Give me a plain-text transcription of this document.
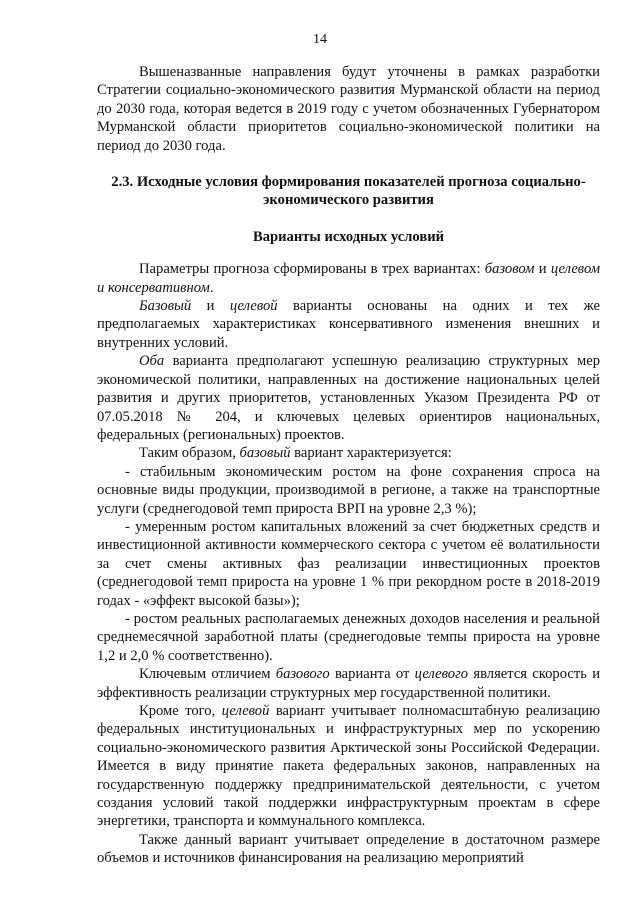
14

Вышеназванные направления будут уточнены в рамках разработки Стратегии социально-экономического развития Мурманской области на период до 2030 года, которая ведется в 2019 году с учетом обозначенных Губернатором Мурманской области приоритетов социально-экономической политики на период до 2030 года.

2.3. Исходные условия формирования показателей прогноза социально-экономического развития
Варианты исходных условий

Параметры прогноза сформированы в трех вариантах: базовом и целевом и консервативном.

Базовый и целевой варианты основаны на одних и тех же предполагаемых характеристиках консервативного изменения внешних и внутренних условий.

Оба варианта предполагают успешную реализацию структурных мер экономической политики, направленных на достижение национальных целей развития и других приоритетов, установленных Указом Президента РФ от 07.05.2018 № 204, и ключевых целевых ориентиров национальных, федеральных (региональных) проектов.

Таким образом, базовый вариант характеризуется:

- стабильным экономическим ростом на фоне сохранения спроса на основные виды продукции, производимой в регионе, а также на транспортные услуги (среднегодовой темп прироста ВРП на уровне 2,3 %);

- умеренным ростом капитальных вложений за счет бюджетных средств и инвестиционной активности коммерческого сектора с учетом её волатильности за счет смены активных фаз реализации инвестиционных проектов (среднегодовой темп прироста на уровне 1 % при рекордном росте в 2018-2019 годах - «эффект высокой базы»);

- ростом реальных располагаемых денежных доходов населения и реальной среднемесячной заработной платы (среднегодовые темпы прироста на уровне 1,2 и 2,0 % соответственно).

Ключевым отличием базового варианта от целевого является скорость и эффективность реализации структурных мер государственной политики.

Кроме того, целевой вариант учитывает полномасштабную реализацию федеральных институциональных и инфраструктурных мер по ускорению социально-экономического развития Арктической зоны Российской Федерации. Имеется в виду принятие пакета федеральных законов, направленных на государственную поддержку предпринимательской деятельности, с учетом создания условий такой поддержки инфраструктурным проектам в сфере энергетики, транспорта и коммунального комплекса.

Также данный вариант учитывает определение в достаточном размере объемов и источников финансирования на реализацию мероприятий
